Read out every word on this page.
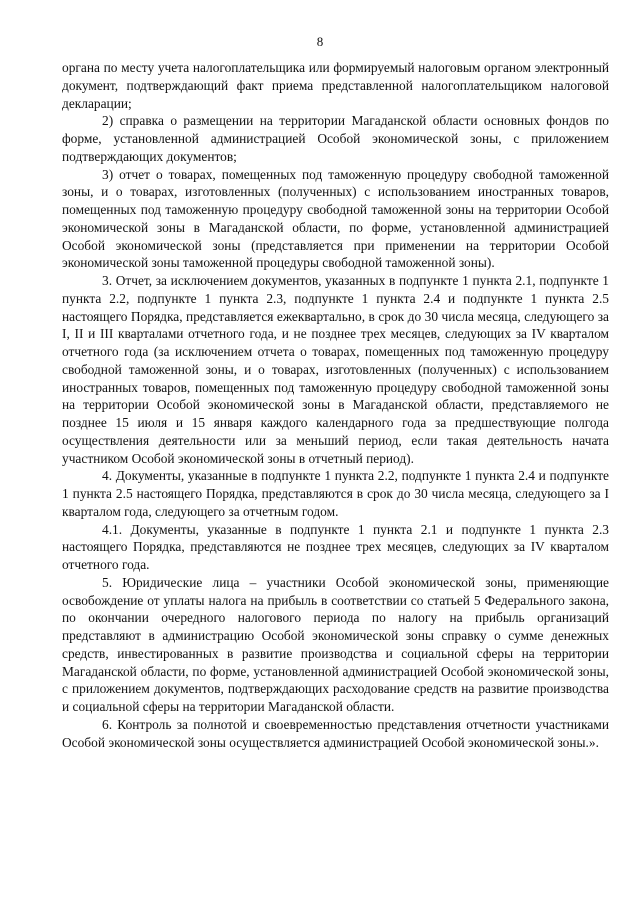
8

органа по месту учета налогоплательщика или формируемый налоговым органом электронный документ, подтверждающий факт приема представленной налогоплательщиком налоговой декларации;

2) справка о размещении на территории Магаданской области основных фондов по форме, установленной администрацией Особой экономической зоны, с приложением подтверждающих документов;

3) отчет о товарах, помещенных под таможенную процедуру свободной таможенной зоны, и о товарах, изготовленных (полученных) с использованием иностранных товаров, помещенных под таможенную процедуру свободной таможенной зоны на территории Особой экономической зоны в Магаданской области, по форме, установленной администрацией Особой экономической зоны (представляется при применении на территории Особой экономической зоны таможенной процедуры свободной таможенной зоны).

3. Отчет, за исключением документов, указанных в подпункте 1 пункта 2.1, подпункте 1 пункта 2.2, подпункте 1 пункта 2.3, подпункте 1 пункта 2.4 и подпункте 1 пункта 2.5 настоящего Порядка, представляется ежеквартально, в срок до 30 числа месяца, следующего за I, II и III кварталами отчетного года, и не позднее трех месяцев, следующих за IV кварталом отчетного года (за исключением отчета о товарах, помещенных под таможенную процедуру свободной таможенной зоны, и о товарах, изготовленных (полученных) с использованием иностранных товаров, помещенных под таможенную процедуру свободной таможенной зоны на территории Особой экономической зоны в Магаданской области, представляемого не позднее 15 июля и 15 января каждого календарного года за предшествующие полгода осуществления деятельности или за меньший период, если такая деятельность начата участником Особой экономической зоны в отчетный период).

4. Документы, указанные в подпункте 1 пункта 2.2, подпункте 1 пункта 2.4 и подпункте 1 пункта 2.5 настоящего Порядка, представляются в срок до 30 числа месяца, следующего за I кварталом года, следующего за отчетным годом.

4.1. Документы, указанные в подпункте 1 пункта 2.1 и подпункте 1 пункта 2.3 настоящего Порядка, представляются не позднее трех месяцев, следующих за IV кварталом отчетного года.

5. Юридические лица – участники Особой экономической зоны, применяющие освобождение от уплаты налога на прибыль в соответствии со статьей 5 Федерального закона, по окончании очередного налогового периода по налогу на прибыль организаций представляют в администрацию Особой экономической зоны справку о сумме денежных средств, инвестированных в развитие производства и социальной сферы на территории Магаданской области, по форме, установленной администрацией Особой экономической зоны, с приложением документов, подтверждающих расходование средств на развитие производства и социальной сферы на территории Магаданской области.

6. Контроль за полнотой и своевременностью представления отчетности участниками Особой экономической зоны осуществляется администрацией Особой экономической зоны.».
